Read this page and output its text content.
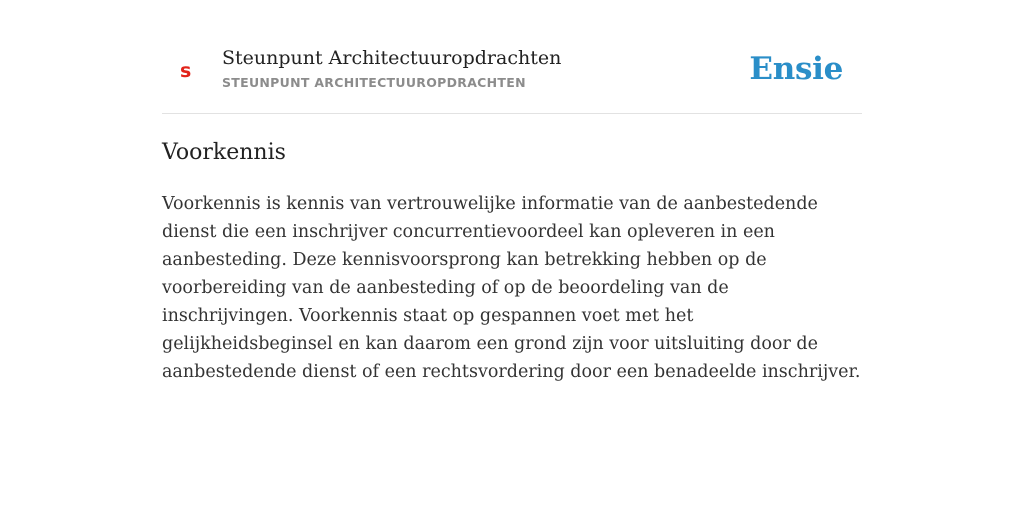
s
Steunpunt Architectuuropdrachten
STEUNPUNT ARCHITECTUUROPDRACHTEN	Ensie
Voorkennis

Voorkennis is kennis van vertrouwelijke informatie van de aanbestedende dienst die een inschrijver concurrentievoordeel kan opleveren in een aanbesteding. Deze kennisvoorsprong kan betrekking hebben op de voorbereiding van de aanbesteding of op de beoordeling van de inschrijvingen. Voorkennis staat op gespannen voet met het gelijkheidsbeginsel en kan daarom een grond zijn voor uitsluiting door de aanbestedende dienst of een rechtsvordering door een benadeelde inschrijver.
